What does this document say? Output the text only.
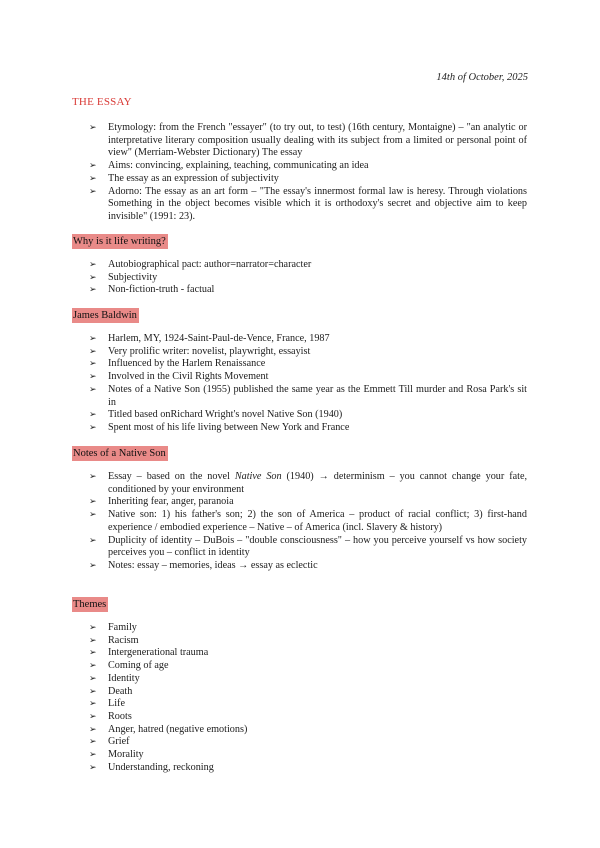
14th of October, 2025
THE ESSAY
➢ Etymology: from the French "essayer" (to try out, to test) (16th century, Montaigne) – "an analytic or interpretative literary composition usually dealing with its subject from a limited or personal point of view" (Merriam-Webster Dictionary) The essay
➢ Aims: convincing, explaining, teaching, communicating an idea
➢ The essay as an expression of subjectivity
➢ Adorno: The essay as an art form – "The essay's innermost formal law is heresy. Through violations Something in the object becomes visible which it is orthodoxy's secret and objective aim to keep invisible" (1991: 23).
Why is it life writing?
➢ Autobiographical pact: author=narrator=character
➢ Subjectivity
➢ Non-fiction-truth - factual
James Baldwin
➢ Harlem, MY, 1924-Saint-Paul-de-Vence, France, 1987
➢ Very prolific writer: novelist, playwright, essayist
➢ Influenced by the Harlem Renaissance
➢ Involved in the Civil Rights Movement
➢ Notes of a Native Son (1955) published the same year as the Emmett Till murder and Rosa Park's sit in
➢ Titled based onRichard Wright's novel Native Son (1940)
➢ Spent most of his life living between New York and France
Notes of a Native Son
➢ Essay – based on the novel Native Son (1940) → determinism – you cannot change your fate, conditioned by your environment
➢ Inheriting fear, anger, paranoia
➢ Native son: 1) his father's son; 2) the son of America – product of racial conflict; 3) first-hand experience / embodied experience – Native – of America (incl. Slavery & history)
➢ Duplicity of identity – DuBois – "double consciousness" – how you perceive yourself vs how society perceives you – conflict in identity
➢ Notes: essay – memories, ideas → essay as eclectic
Themes
➢ Family
➢ Racism
➢ Intergenerational trauma
➢ Coming of age
➢ Identity
➢ Death
➢ Life
➢ Roots
➢ Anger, hatred (negative emotions)
➢ Grief
➢ Morality
➢ Understanding, reckoning
